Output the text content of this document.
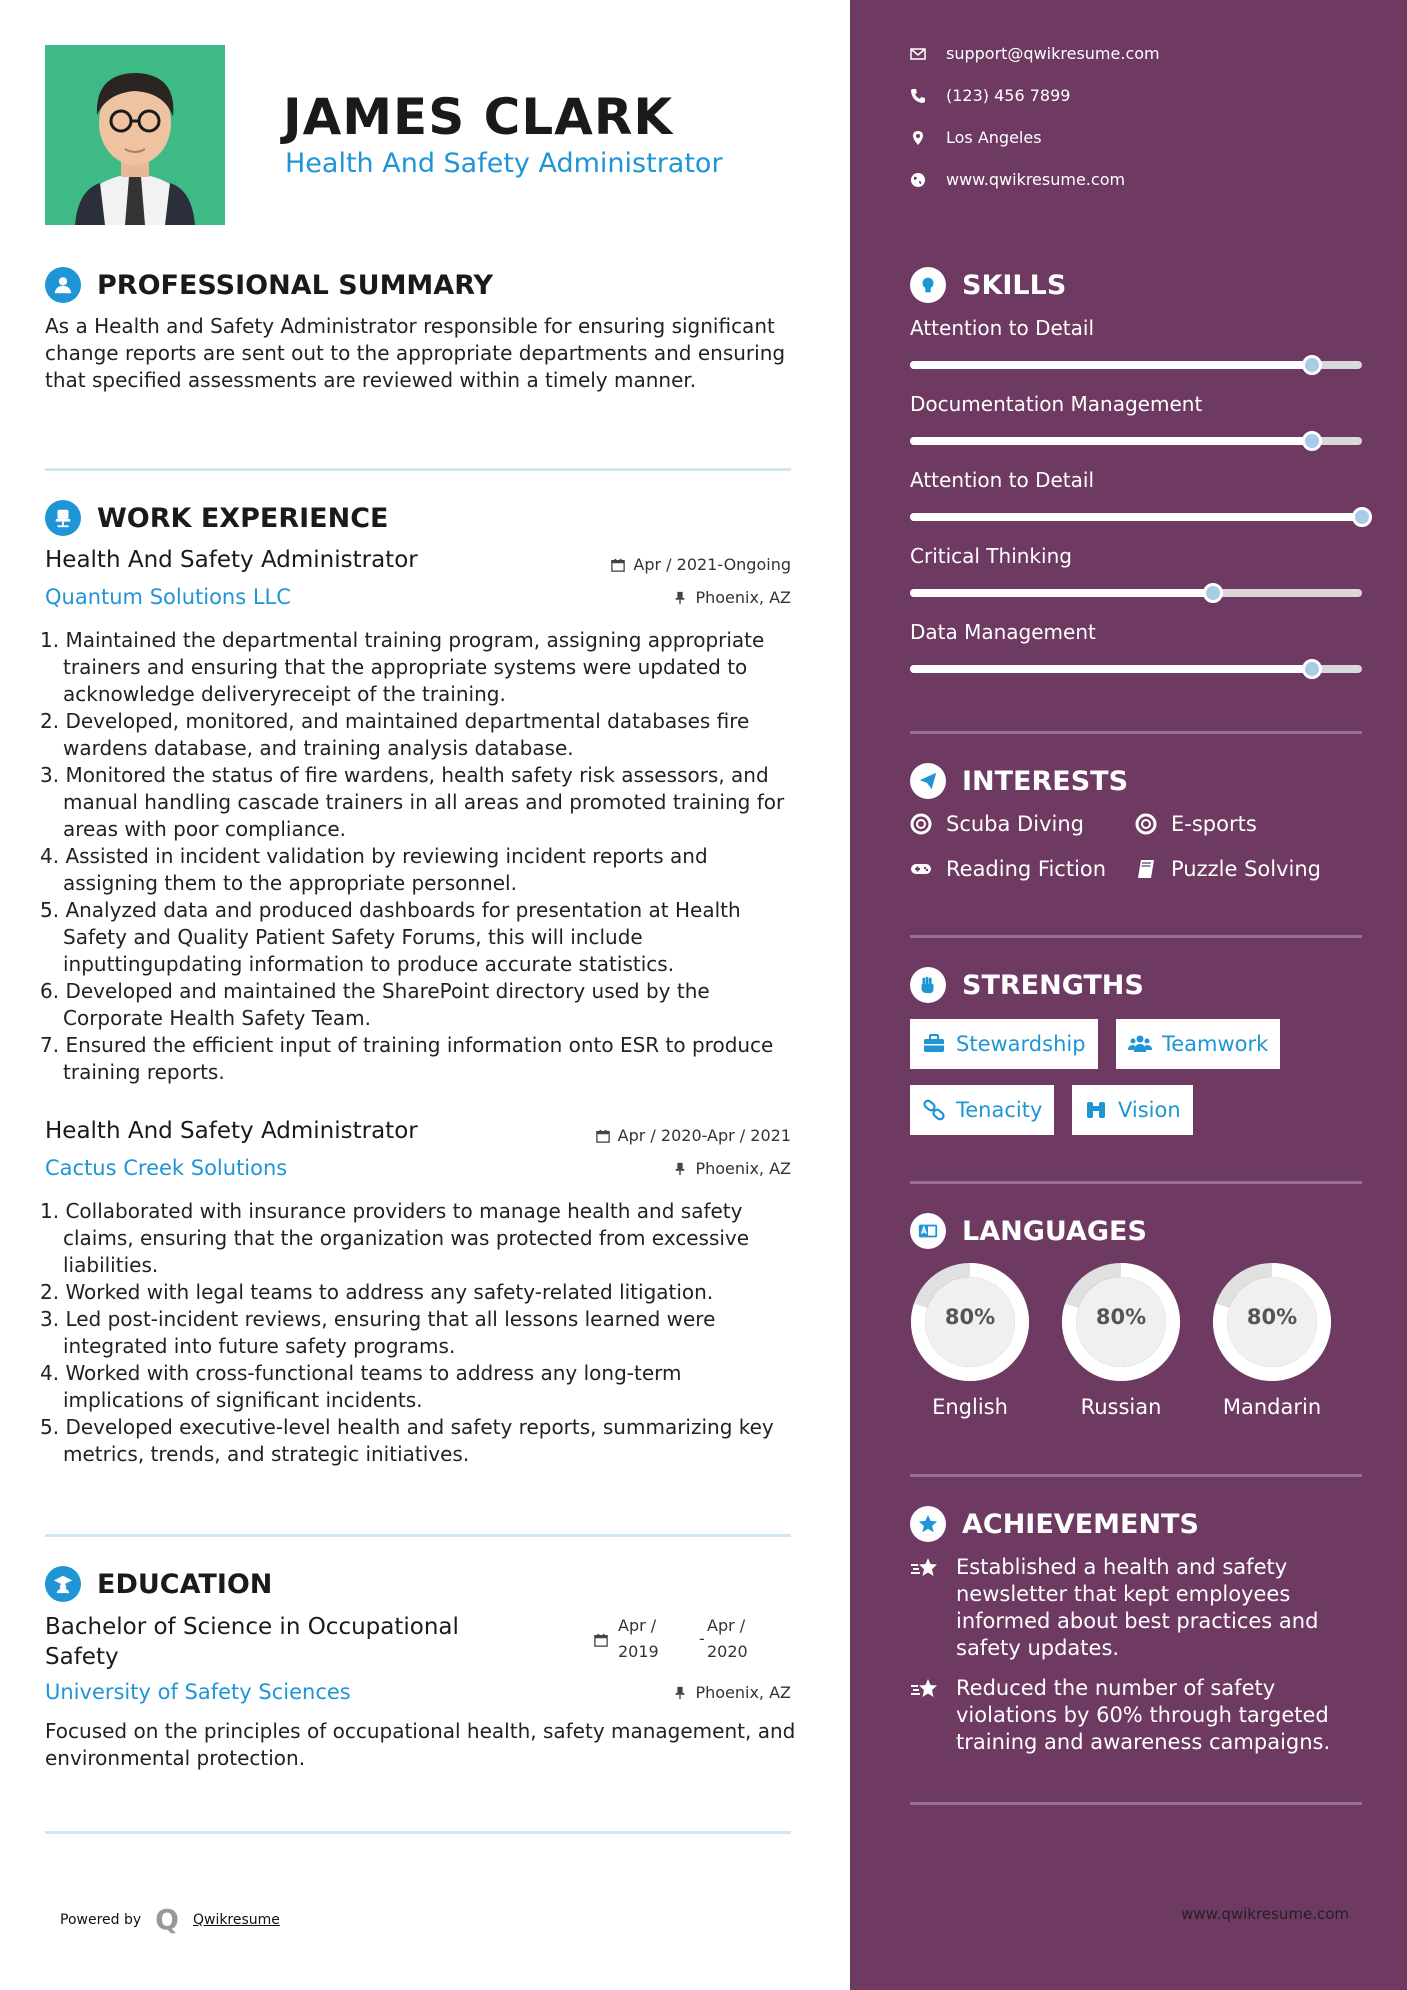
JAMES CLARK
Health And Safety Administrator
PROFESSIONAL SUMMARY
As a Health and Safety Administrator responsible for ensuring significant change reports are sent out to the appropriate departments and ensuring that specified assessments are reviewed within a timely manner.
WORK EXPERIENCE
Health And Safety Administrator	Apr / 2021-Ongoing
Quantum Solutions LLC	Phoenix, AZ
1. Maintained the departmental training program, assigning appropriate trainers and ensuring that the appropriate systems were updated to acknowledge deliveryreceipt of the training.
2. Developed, monitored, and maintained departmental databases fire wardens database, and training analysis database.
3. Monitored the status of fire wardens, health safety risk assessors, and manual handling cascade trainers in all areas and promoted training for areas with poor compliance.
4. Assisted in incident validation by reviewing incident reports and assigning them to the appropriate personnel.
5. Analyzed data and produced dashboards for presentation at Health Safety and Quality Patient Safety Forums, this will include inputtingupdating information to produce accurate statistics.
6. Developed and maintained the SharePoint directory used by the Corporate Health Safety Team.
7. Ensured the efficient input of training information onto ESR to produce training reports.
Health And Safety Administrator	Apr / 2020-Apr / 2021
Cactus Creek Solutions	Phoenix, AZ
1. Collaborated with insurance providers to manage health and safety claims, ensuring that the organization was protected from excessive liabilities.
2. Worked with legal teams to address any safety-related litigation.
3. Led post-incident reviews, ensuring that all lessons learned were integrated into future safety programs.
4. Worked with cross-functional teams to address any long-term implications of significant incidents.
5. Developed executive-level health and safety reports, summarizing key metrics, trends, and strategic initiatives.
EDUCATION
Bachelor of Science in Occupational Safety
Apr /
2019
-
Apr /
2020
University of Safety Sciences	Phoenix, AZ
Focused on the principles of occupational health, safety management, and environmental protection.
Powered by Q Qwikresume
support@qwikresume.com
(123) 456 7899
Los Angeles
www.qwikresume.com
SKILLS
Attention to Detail
Documentation Management
Attention to Detail
Critical Thinking
Data Management
INTERESTS
Scuba Diving	E-sports
Reading Fiction	Puzzle Solving
STRENGTHS
Stewardship	Teamwork
Tenacity	Vision
LANGUAGES
80%
English
80%
Russian
80%
Mandarin
ACHIEVEMENTS
Established a health and safety newsletter that kept employees informed about best practices and safety updates.
Reduced the number of safety violations by 60% through targeted training and awareness campaigns.
www.qwikresume.com
